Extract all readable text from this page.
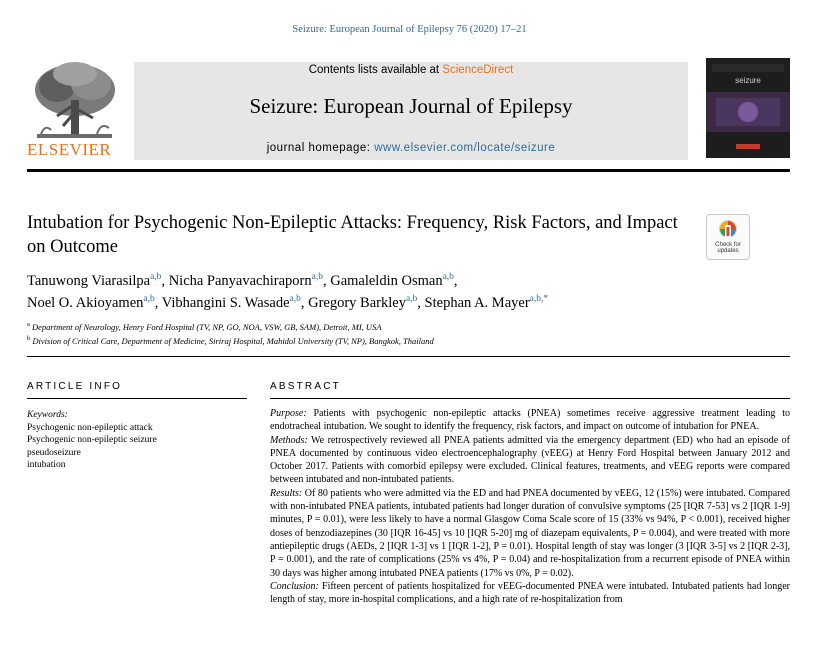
Seizure: European Journal of Epilepsy 76 (2020) 17–21
ELSEVIER
Contents lists available at ScienceDirect
Seizure: European Journal of Epilepsy
journal homepage: www.elsevier.com/locate/seizure
seizure
Intubation for Psychogenic Non-Epileptic Attacks: Frequency, Risk Factors, and Impact on Outcome	Check for
updates
Tanuwong Viarasilpa$^{a,b}$, Nicha Panyavachiraporn$^{a,b}$, Gamaleldin Osman$^{a,b}$,
Noel O. Akioyamen$^{a,b}$, Vibhangini S. Wasade$^{a,b}$, Gregory Barkley$^{a,b}$, Stephan A. Mayer$^{a,b,*}$
$^a$ Department of Neurology, Henry Ford Hospital (TV, NP, GO, NOA, VSW, GB, SAM), Detroit, MI, USA
$^b$ Division of Critical Care, Department of Medicine, Siriraj Hospital, Mahidol University (TV, NP), Bangkok, Thailand
ARTICLE INFO
Keywords:
Psychogenic non-epileptic attack
Psychogenic non-epileptic seizure
pseudoseizure
intubation
ABSTRACT

Purpose: Patients with psychogenic non-epileptic attacks (PNEA) sometimes receive aggressive treatment leading to endotracheal intubation. We sought to identify the frequency, risk factors, and impact on outcome of intubation for PNEA.

Methods: We retrospectively reviewed all PNEA patients admitted via the emergency department (ED) who had an episode of PNEA documented by continuous video electroencephalography (vEEG) at Henry Ford Hospital between January 2012 and October 2017. Patients with comorbid epilepsy were excluded. Clinical features, treatments, and vEEG reports were compared between intubated and non-intubated patients.

Results: Of 80 patients who were admitted via the ED and had PNEA documented by vEEG, 12 (15%) were intubated. Compared with non-intubated PNEA patients, intubated patients had longer duration of convulsive symptoms (25 [IQR 7-53] vs 2 [IQR 1-9] minutes, P = 0.01), were less likely to have a normal Glasgow Coma Scale score of 15 (33% vs 94%, P < 0.001), received higher doses of benzodiazepines (30 [IQR 16-45] vs 10 [IQR 5-20] mg of diazepam equivalents, P = 0.004), and were treated with more antiepileptic drugs (AEDs, 2 [IQR 1-3] vs 1 [IQR 1-2], P = 0.01). Hospital length of stay was longer (3 [IQR 3-5] vs 2 [IQR 2-3], P = 0.001), and the rate of complications (25% vs 4%, P = 0.04) and re-hospitalization from a recurrent episode of PNEA within 30 days was higher among intubated PNEA patients (17% vs 0%, P = 0.02).

Conclusion: Fifteen percent of patients hospitalized for vEEG-documented PNEA were intubated. Intubated patients had longer length of stay, more in-hospital complications, and a high rate of re-hospitalization from
